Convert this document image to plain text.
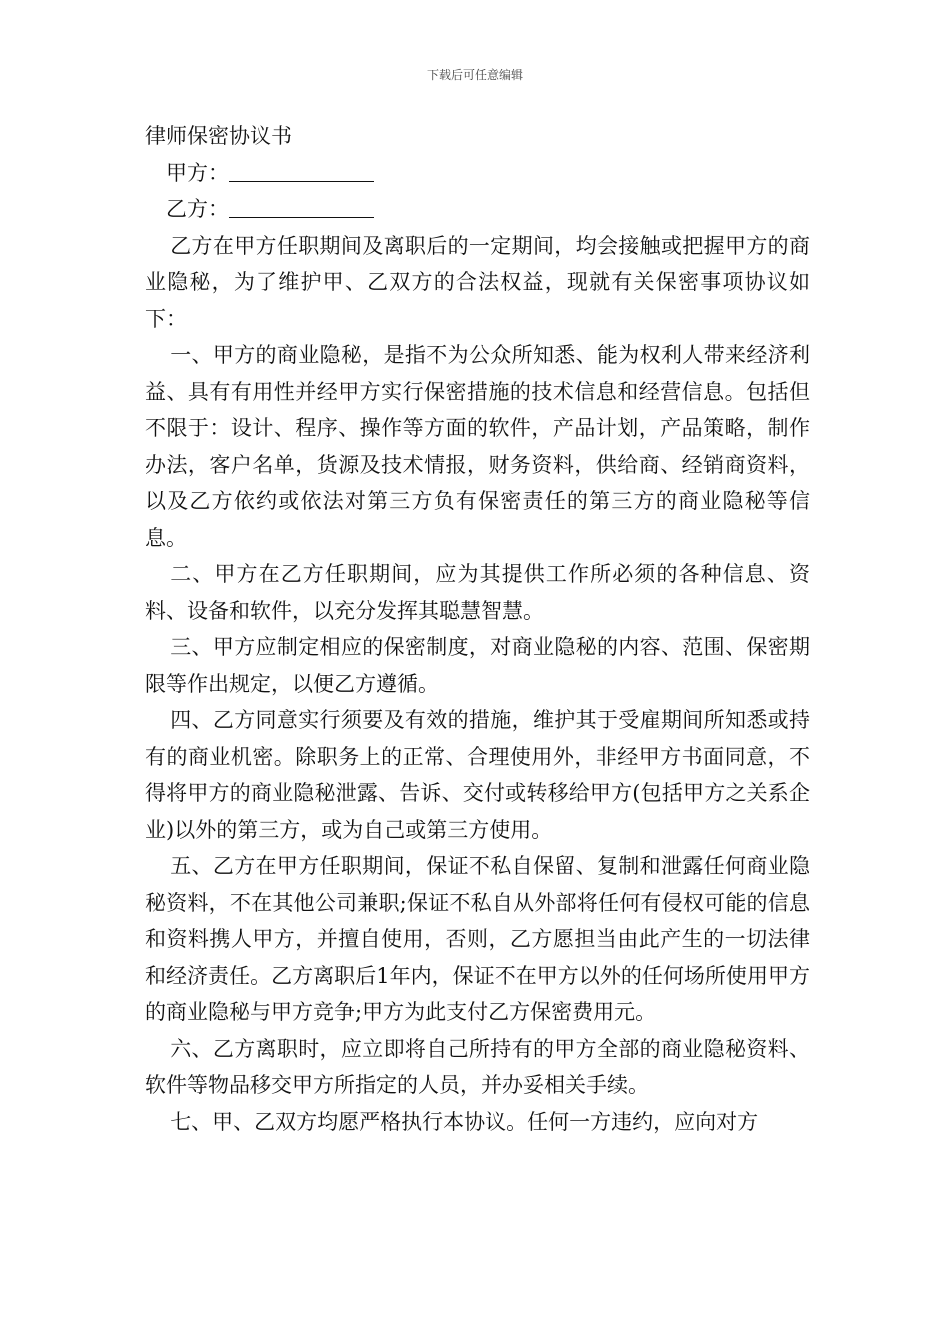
下载后可任意编辑
律师保密协议书
甲方：
乙方：

乙方在甲方任职期间及离职后的一定期间，均会接触或把握甲方的商业隐秘，为了维护甲、乙双方的合法权益，现就有关保密事项协议如下：

一、甲方的商业隐秘，是指不为公众所知悉、能为权利人带来经济利益、具有有用性并经甲方实行保密措施的技术信息和经营信息。包括但不限于：设计、程序、操作等方面的软件，产品计划，产品策略，制作办法，客户名单，货源及技术情报，财务资料，供给商、经销商资料，以及乙方依约或依法对第三方负有保密责任的第三方的商业隐秘等信息。

二、甲方在乙方任职期间，应为其提供工作所必须的各种信息、资料、设备和软件，以充分发挥其聪慧智慧。

三、甲方应制定相应的保密制度，对商业隐秘的内容、范围、保密期限等作出规定，以便乙方遵循。

四、乙方同意实行须要及有效的措施，维护其于受雇期间所知悉或持有的商业机密。除职务上的正常、合理使用外，非经甲方书面同意，不得将甲方的商业隐秘泄露、告诉、交付或转移给甲方(包括甲方之关系企业)以外的第三方，或为自己或第三方使用。

五、乙方在甲方任职期间，保证不私自保留、复制和泄露任何商业隐秘资料，不在其他公司兼职;保证不私自从外部将任何有侵权可能的信息和资料携人甲方，并擅自使用，否则，乙方愿担当由此产生的一切法律和经济责任。乙方离职后1年内，保证不在甲方以外的任何场所使用甲方的商业隐秘与甲方竞争;甲方为此支付乙方保密费用元。

六、乙方离职时，应立即将自己所持有的甲方全部的商业隐秘资料、软件等物品移交甲方所指定的人员，并办妥相关手续。

七、甲、乙双方均愿严格执行本协议。任何一方违约，应向对方
